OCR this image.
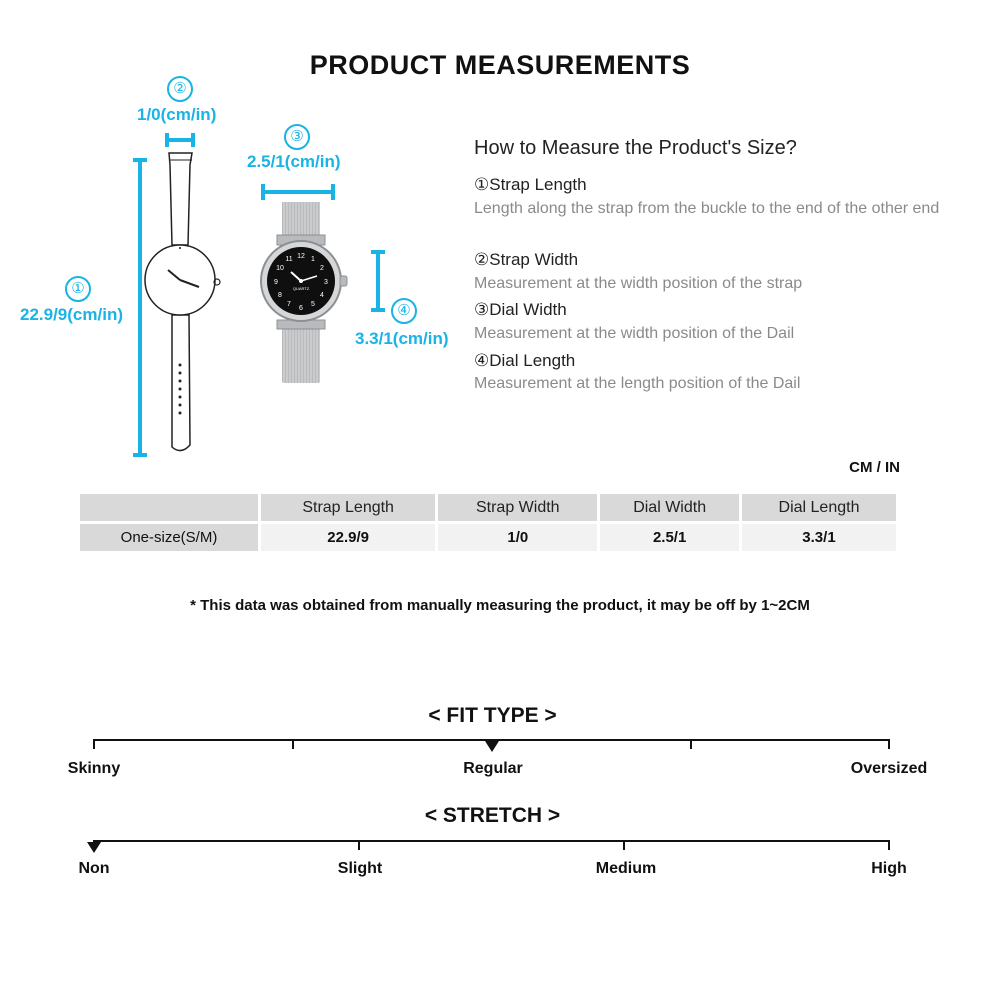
PRODUCT MEASUREMENTS
②
1/0(cm/in)
①
22.9/9(cm/in)
③
2.5/1(cm/in)
④
3.3/1(cm/in)
12 1
2
3
4
5
6
7
8
9
10
11
QUARTZ
How to Measure the Product's Size?
①Strap Length
Length along the strap from the buckle to the end of the other end
②Strap Width
Measurement at the width position of the strap
③Dial Width
Measurement at the width position of the Dail
④Dial Length
Measurement at the length position of the Dail
CM / IN
	Strap Length	Strap Width	Dial Width	Dial Length
One-size(S/M)	22.9/9	1/0	2.5/1	3.3/1
* This data was obtained from manually measuring the product, it may be off by 1~2CM
< FIT TYPE >
Skinny	Regular	Oversized
< STRETCH >
Non	Slight	Medium	High
